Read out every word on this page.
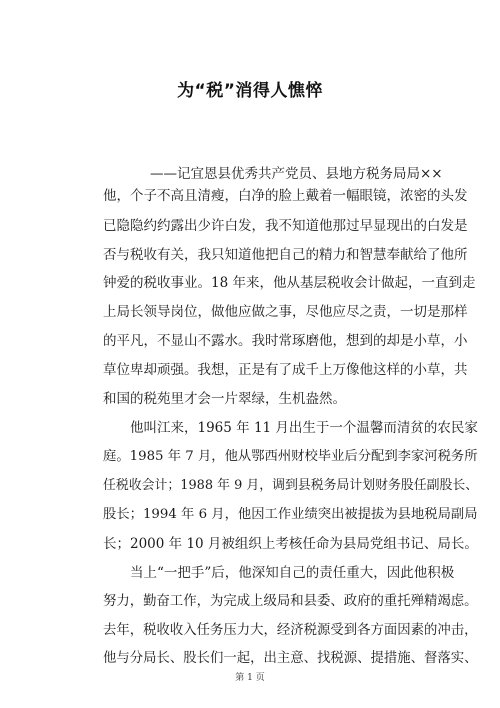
为“税”消得人憔悴
——记宜恩县优秀共产党员、县地方税务局局××
他，个子不高且清瘦，白净的脸上戴着一幅眼镜，浓密的头发
已隐隐约约露出少许白发，我不知道他那过早显现出的白发是
否与税收有关，我只知道他把自己的精力和智慧奉献给了他所
钟爱的税收事业。18 年来，他从基层税收会计做起，一直到走
上局长领导岗位，做他应做之事，尽他应尽之责，一切是那样
的平凡，不显山不露水。我时常琢磨他，想到的却是小草，小
草位卑却顽强。我想，正是有了成千上万像他这样的小草，共
和国的税苑里才会一片翠绿，生机盎然。
他叫江来，1965 年 11 月出生于一个温馨而清贫的农民家
庭。1985 年 7 月，他从鄂西州财校毕业后分配到李家河税务所
任税收会计；1988 年 9 月，调到县税务局计划财务股任副股长、
股长；1994 年 6 月，他因工作业绩突出被提拔为县地税局副局
长；2000 年 10 月被组织上考核任命为县局党组书记、局长。
当上“一把手”后，他深知自己的责任重大，因此他积极
努力，勤奋工作，为完成上级局和县委、政府的重托殚精竭虑。
去年，税收收入任务压力大，经济税源受到各方面因素的冲击，
他与分局长、股长们一起，出主意、找税源、提措施、督落实、
第 1 页
